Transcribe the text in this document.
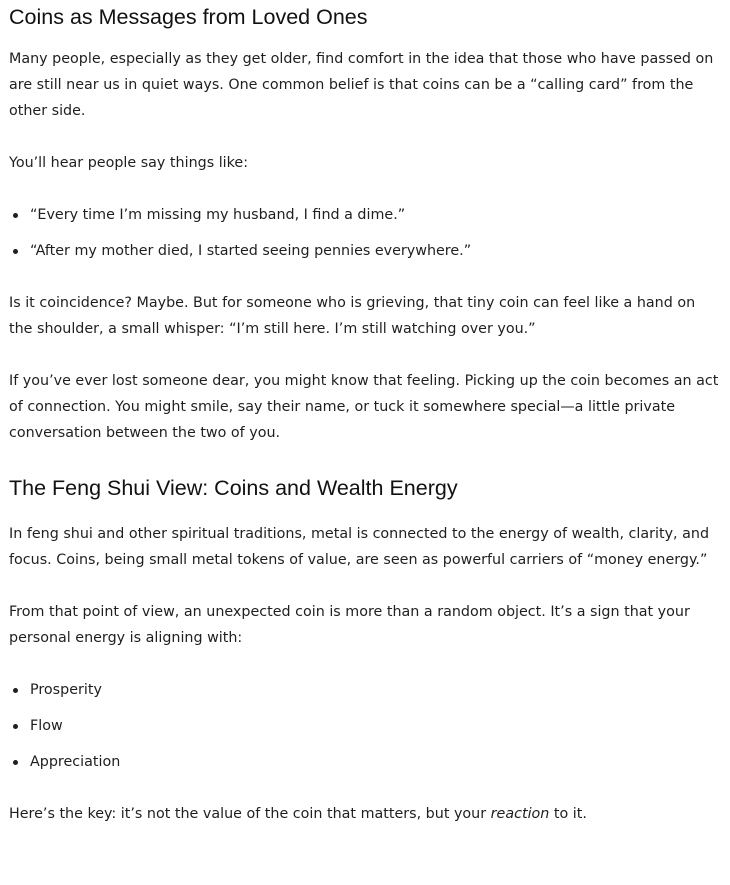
Coins as Messages from Loved Ones

Many people, especially as they get older, find comfort in the idea that those who have passed on are still near us in quiet ways. One common belief is that coins can be a “calling card” from the other side.

You’ll hear people say things like:

“Every time I’m missing my husband, I find a dime.”
“After my mother died, I started seeing pennies everywhere.”

Is it coincidence? Maybe. But for someone who is grieving, that tiny coin can feel like a hand on the shoulder, a small whisper: “I’m still here. I’m still watching over you.”

If you’ve ever lost someone dear, you might know that feeling. Picking up the coin becomes an act of connection. You might smile, say their name, or tuck it somewhere special—a little private conversation between the two of you.

The Feng Shui View: Coins and Wealth Energy

In feng shui and other spiritual traditions, metal is connected to the energy of wealth, clarity, and focus. Coins, being small metal tokens of value, are seen as powerful carriers of “money energy.”

From that point of view, an unexpected coin is more than a random object. It’s a sign that your personal energy is aligning with:

Prosperity
Flow
Appreciation

Here’s the key: it’s not the value of the coin that matters, but your reaction to it.
